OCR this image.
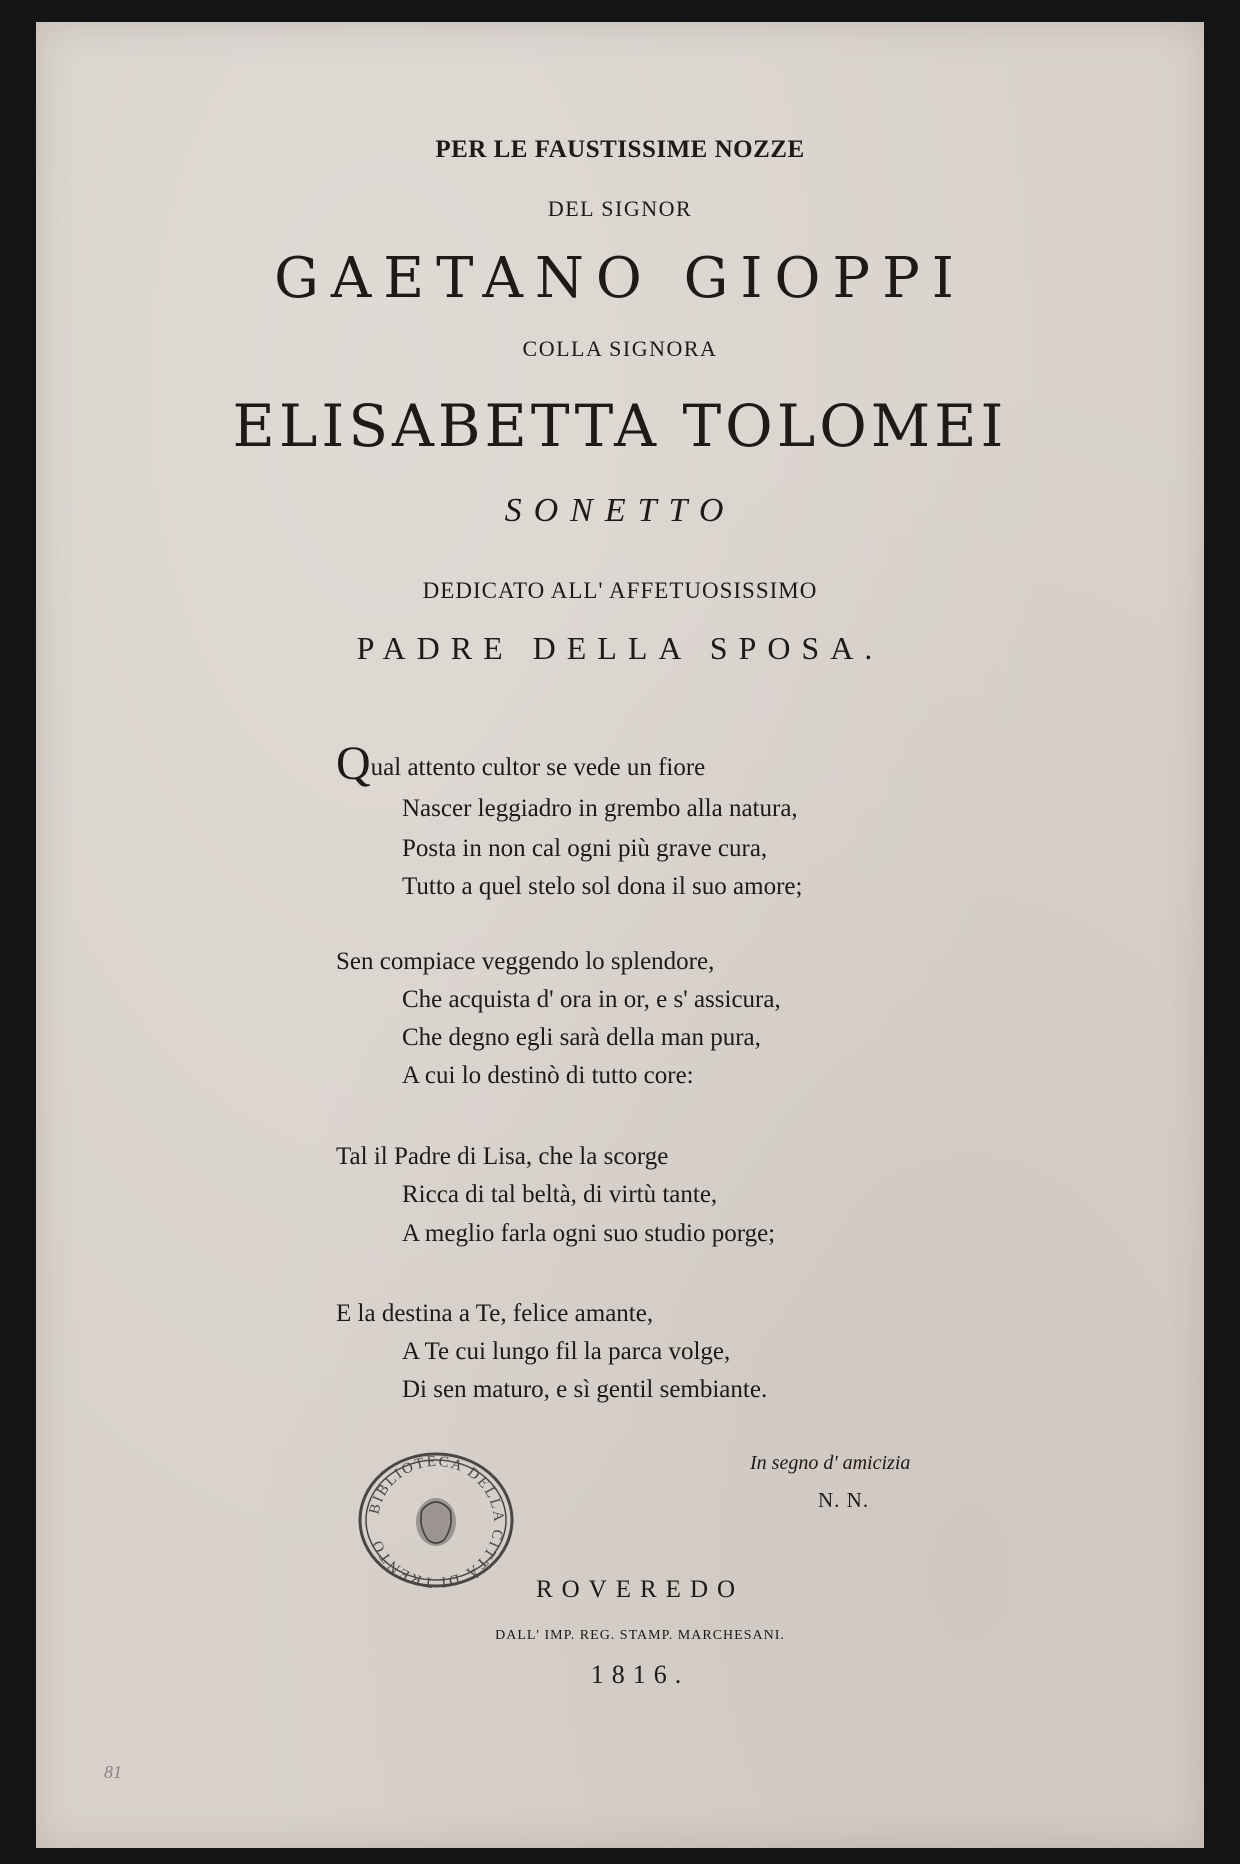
PER LE FAUSTISSIME NOZZE
DEL SIGNOR
GAETANO GIOPPI
COLLA SIGNORA
ELISABETTA TOLOMEI
SONETTO
DEDICATO ALL' AFFETUOSISSIMO
PADRE DELLA SPOSA.
Qual attento cultor se vede un fiore
Nascer leggiadro in grembo alla natura,
Posta in non cal ogni più grave cura,
Tutto a quel stelo sol dona il suo amore;
Sen compiace veggendo lo splendore,
Che acquista d' ora in or, e s' assicura,
Che degno egli sarà della man pura,
A cui lo destinò di tutto core:
Tal il Padre di Lisa, che la scorge
Ricca di tal beltà, di virtù tante,
A meglio farla ogni suo studio porge;
E la destina a Te, felice amante,
A Te cui lungo fil la parca volge,
Di sen maturo, e sì gentil sembiante.
In segno d' amicizia
N. N.
BIBLIOTECA DELLA CITTÀ DI TRENTO
ROVEREDO
DALL' IMP. REG. STAMP. MARCHESANI.
1816.
81
